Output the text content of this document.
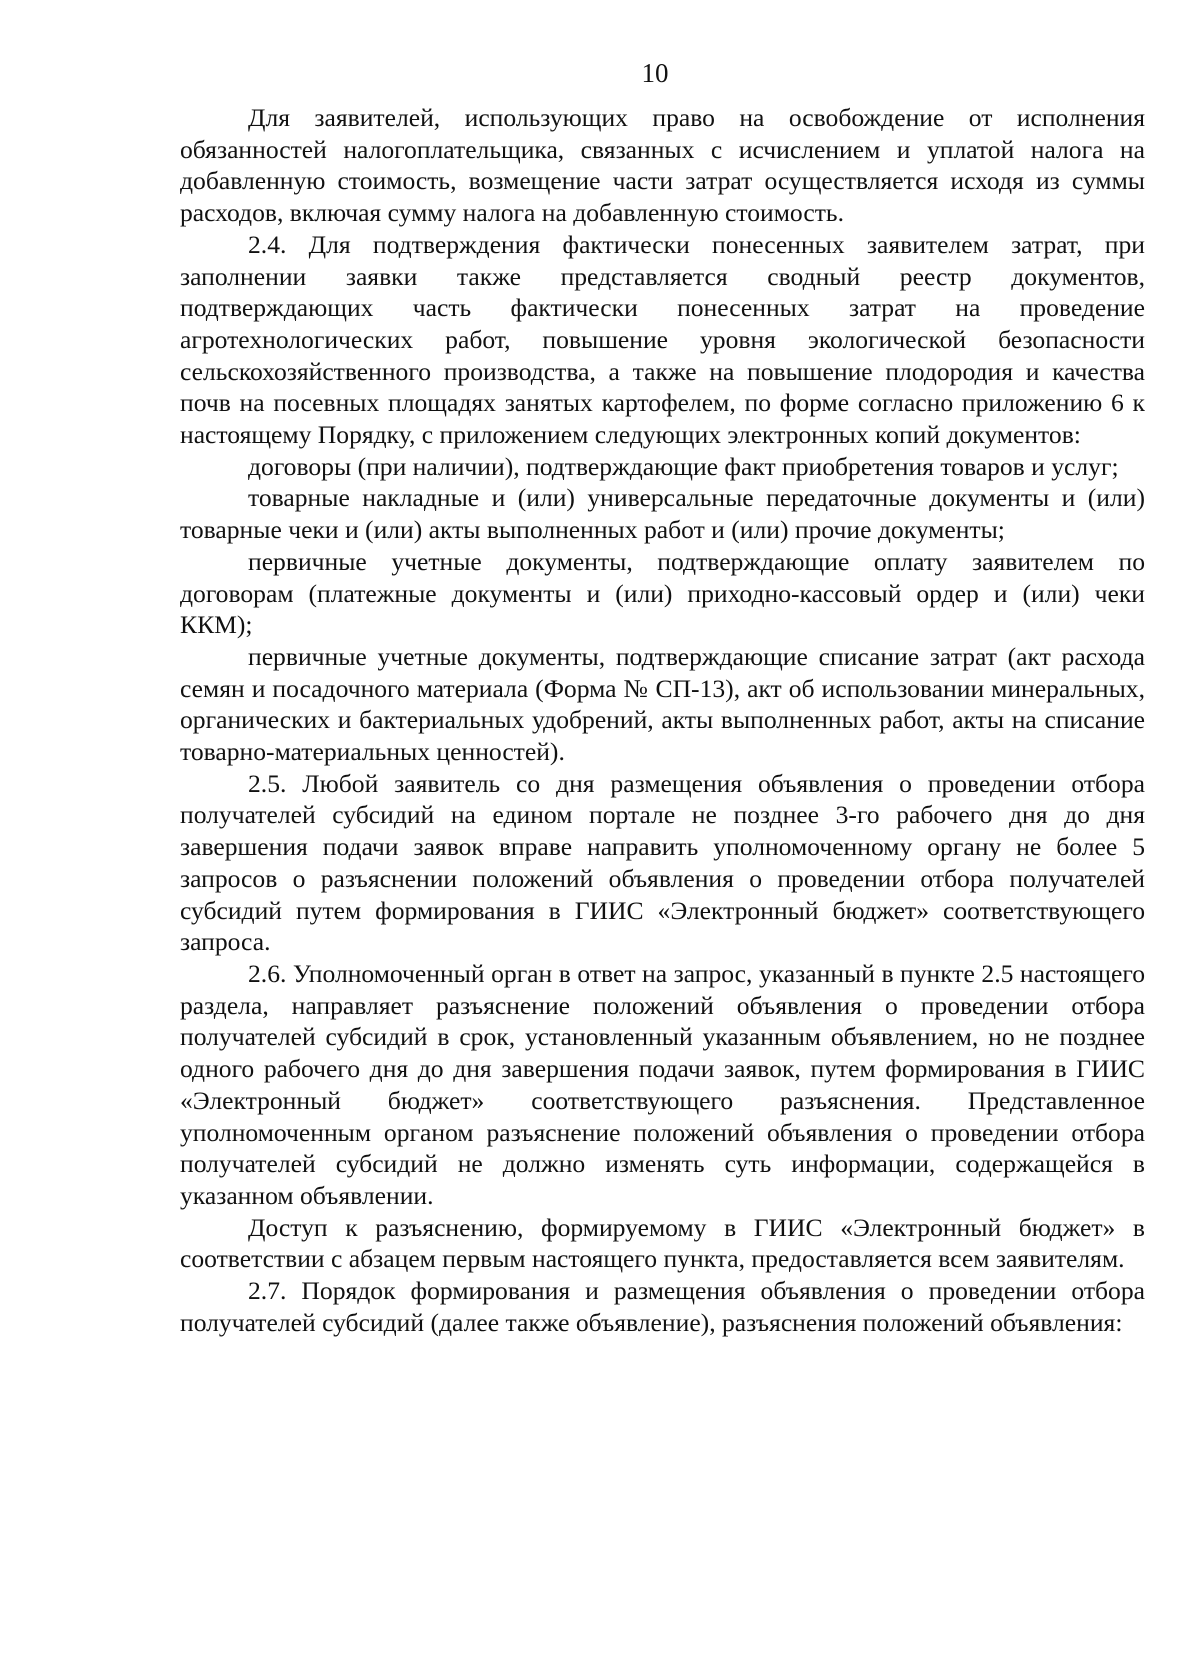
10

Для заявителей, использующих право на освобождение от исполнения обязанностей налогоплательщика, связанных с исчислением и уплатой налога на добавленную стоимость, возмещение части затрат осуществляется исходя из суммы расходов, включая сумму налога на добавленную стоимость.

2.4. Для подтверждения фактически понесенных заявителем затрат, при заполнении заявки также представляется сводный реестр документов, подтверждающих часть фактически понесенных затрат на проведение агротехнологических работ, повышение уровня экологической безопасности сельскохозяйственного производства, а также на повышение плодородия и качества почв на посевных площадях занятых картофелем, по форме согласно приложению 6 к настоящему Порядку, с приложением следующих электронных копий документов:

договоры (при наличии), подтверждающие факт приобретения товаров и услуг;

товарные накладные и (или) универсальные передаточные документы и (или) товарные чеки и (или) акты выполненных работ и (или) прочие документы;

первичные учетные документы, подтверждающие оплату заявителем по договорам (платежные документы и (или) приходно-кассовый ордер и (или) чеки ККМ);

первичные учетные документы, подтверждающие списание затрат (акт расхода семян и посадочного материала (Форма № СП-13), акт об использовании минеральных, органических и бактериальных удобрений, акты выполненных работ, акты на списание товарно-материальных ценностей).

2.5. Любой заявитель со дня размещения объявления о проведении отбора получателей субсидий на едином портале не позднее 3-го рабочего дня до дня завершения подачи заявок вправе направить уполномоченному органу не более 5 запросов о разъяснении положений объявления о проведении отбора получателей субсидий путем формирования в ГИИС «Электронный бюджет» соответствующего запроса.

2.6. Уполномоченный орган в ответ на запрос, указанный в пункте 2.5 настоящего раздела, направляет разъяснение положений объявления о проведении отбора получателей субсидий в срок, установленный указанным объявлением, но не позднее одного рабочего дня до дня завершения подачи заявок, путем формирования в ГИИС «Электронный бюджет» соответствующего разъяснения. Представленное уполномоченным органом разъяснение положений объявления о проведении отбора получателей субсидий не должно изменять суть информации, содержащейся в указанном объявлении.

Доступ к разъяснению, формируемому в ГИИС «Электронный бюджет» в соответствии с абзацем первым настоящего пункта, предоставляется всем заявителям.

2.7. Порядок формирования и размещения объявления о проведении отбора получателей субсидий (далее также объявление), разъяснения положений объявления:
